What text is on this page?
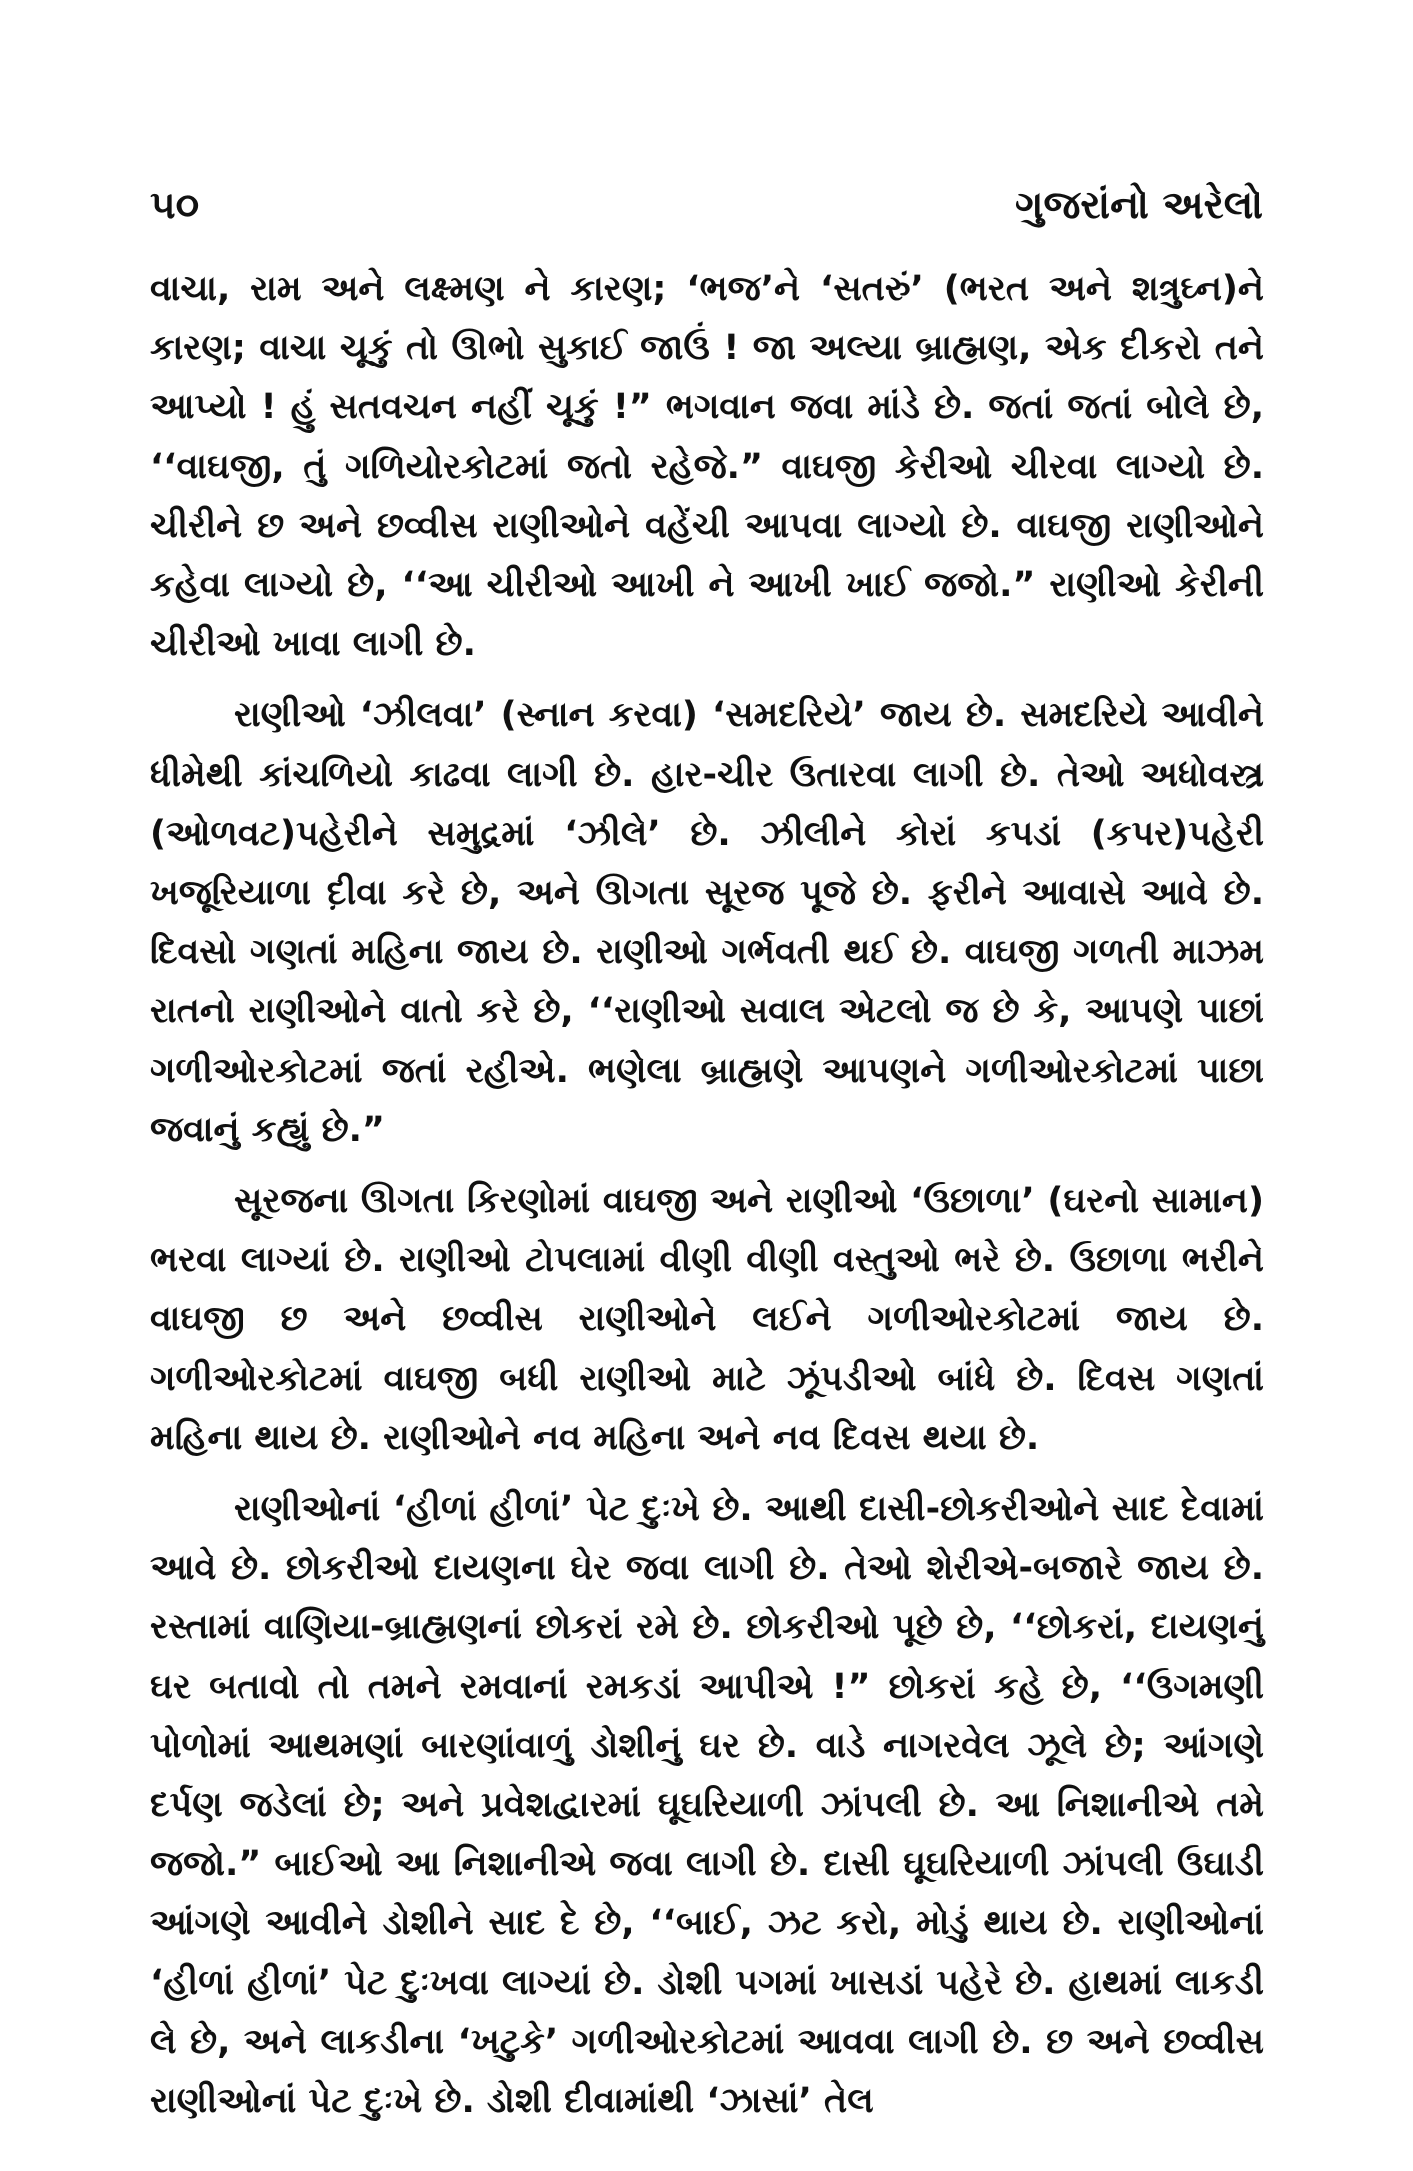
૫૦	ગુજરાંનો અરેલો

વાચા, રામ અને લક્ષ્મણ ને કારણ; ‘ભજ’ને ‘સતરું’ (ભરત અને શત્રુઘ્ન)ને કારણ; વાચા ચૂકું તો ઊભો સુકાઈ જાઉં ! જા અલ્યા બ્રાહ્મણ, એક દીકરો તને આપ્યો ! હું સતવચન નહીં ચૂકું !” ભગવાન જવા માંડે છે. જતાં જતાં બોલે છે, ‘‘વાઘજી, તું ગળિયોરકોટમાં જતો રહેજે.” વાઘજી કેરીઓ ચીરવા લાગ્યો છે. ચીરીને છ અને છવ્વીસ રાણીઓને વહેંચી આપવા લાગ્યો છે. વાઘજી રાણીઓને કહેવા લાગ્યો છે, ‘‘આ ચીરીઓ આખી ને આખી ખાઈ જજો.” રાણીઓ કેરીની ચીરીઓ ખાવા લાગી છે.

રાણીઓ ‘ઝીલવા’ (સ્નાન કરવા) ‘સમદરિયે’ જાય છે. સમદરિયે આવીને ધીમેથી કાંચળિયો કાઢવા લાગી છે. હાર-ચીર ઉતારવા લાગી છે. તેઓ અધોવસ્ત્ર (ઓળવટ)પહેરીને સમુદ્રમાં ‘ઝીલે’ છે. ઝીલીને કોરાં કપડાં (કપર)પહેરી ખજૂરિયાળા દ઼ીવા કરે છે, અને ઊગતા સૂરજ પૂજે છે. ફરીને આવાસે આવે છે. દિવસો ગણતાં મહિના જાય છે. રાણીઓ ગર્ભવતી થઈ છે. વાઘજી ગળતી માઝમ રાતનો રાણીઓને વાતો કરે છે, ‘‘રાણીઓ સવાલ એટલો જ છે કે, આપણે પાછાં ગળીઓરકોટમાં જતાં રહીએ. ભણેલા બ્રાહ્મણે આપણને ગળીઓરકોટમાં પાછા જવાનું કહ્યું છે.”

સૂરજના ઊગતા કિરણોમાં વાઘજી અને રાણીઓ ‘ઉછાળા’ (ઘરનો સામાન) ભરવા લાગ્યાં છે. રાણીઓ ટોપલામાં વીણી વીણી વસ્તુઓ ભરે છે. ઉછાળા ભરીને વાઘજી છ અને છવ્વીસ રાણીઓને લઈને ગળીઓરકોટમાં જાય છે. ગળીઓરકોટમાં વાઘજી બધી રાણીઓ માટે ઝૂંપડીઓ બાંધે છે. દિવસ ગણતાં મહિના થાય છે. રાણીઓને નવ મહિના અને નવ દિવસ થયા છે.

રાણીઓનાં ‘હીળાં હીળાં’ પેટ દુઃખે છે. આથી દાસી-છોકરીઓને સાદ દેવામાં આવે છે. છોકરીઓ દાયણના ઘેર જવા લાગી છે. તેઓ શેરીએ-બજારે જાય છે. રસ્તામાં વાણિયા-બ્રાહ્મણનાં છોકરાં રમે છે. છોકરીઓ પૂછે છે, ‘‘છોકરાં, દાયણનું ઘર બતાવો તો તમને રમવાનાં રમકડાં આપીએ !” છોકરાં કહે છે, ‘‘ઉગમણી પોળોમાં આથમણાં બારણાંવાળું ડોશીનું ઘર છે. વાડે નાગરવેલ ઝૂલે છે; આંગણે દર્પણ જડેલાં છે; અને પ્રવેશદ્વારમાં ઘૂઘરિયાળી ઝાંપલી છે. આ નિશાનીએ તમે જજો.” બાઈઓ આ નિશાનીએ જવા લાગી છે. દાસી ઘૂઘરિયાળી ઝાંપલી ઉઘાડી આંગણે આવીને ડોશીને સાદ દે છે, ‘‘બાઈ, ઝટ કરો, મોડું થાય છે. રાણીઓનાં ‘હીળાં હીળાં’ પેટ દુઃખવા લાગ્યાં છે. ડોશી પગમાં ખાસડાં પહેરે છે. હાથમાં લાકડી લે છે, અને લાકડીના ‘ખટુકે’ ગળીઓરકોટમાં આવવા લાગી છે. છ અને છવ્વીસ રાણીઓનાં પેટ દુઃખે છે. ડોશી દીવામાંથી ‘ઝાસાં’ તેલ
